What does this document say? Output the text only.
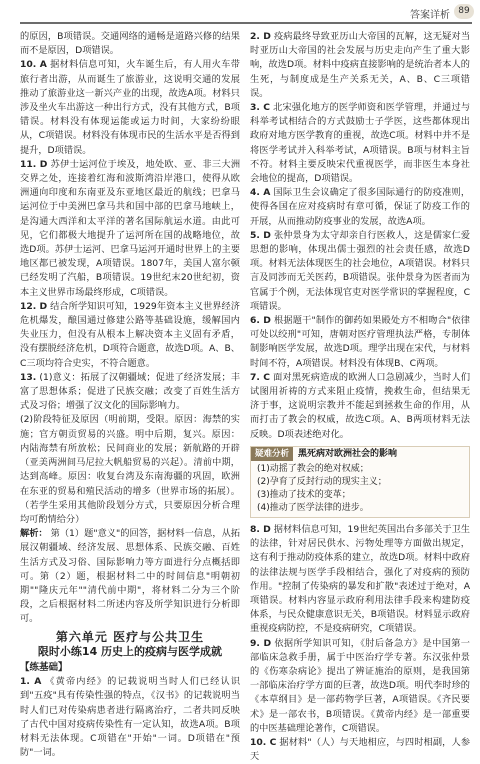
答案详析 89

的原因，B项错误。交通网络的通畅是道路兴修的结果而不是原因，D项错误。

10. A 据材料信息可知，火车诞生后，有人用火车带旅行者出游，从而诞生了旅游业，这说明交通的发展推动了旅游业这一新兴产业的出现，故选A项。材料只涉及坐火车出游这一种出行方式，没有其他方式，B项错误。材料没有体现运能或运力时间，大家纷纷眼从，C项错误。材料没有体现市民的生活水平是否得到提升，D项错误。

11. D 苏伊士运河位于埃及，地处欧、亚、非三大洲交界之处，连接着红海和波斯湾沿岸港口，使得从欧洲通向印度和东南亚及东亚地区最近的航线；巴拿马运河位于中美洲巴拿马共和国中部的巴拿马地峡上，是沟通大西洋和太平洋的著名国际航运水道。由此可见，它们都极大地提升了运河所在国的战略地位，故选D项。苏伊士运河、巴拿马运河开通时世界上的主要地区都已被发现，A项错误。1807年，美国人富尔顿已经发明了汽船，B项错误。19世纪末20世纪初，资本主义世界市场最终形成，C项错误。

12. D 结合所学知识可知，1929年资本主义世界经济危机爆发，酿国通过修建公路等基础设施，缓解国内失业压力，但没有从根本上解决资本主义固有矛盾，没有摆脱经济危机，D项符合题意，故选D项。A、B、C三项均符合史实，不符合题意。

13. (1)意义：拓展了汉朝疆域；促进了经济发展；丰富了思想体系；促进了民族交融；改变了百姓生活方式及习俗；增强了汉文化的国际影响力。

(2)阶段特征及原因（明前期，受限。原因：海禁的实施；官方朝贡贸易的兴盛。明中后期，复兴。原因：内陆海禁有所放松；民间商业的发展；新航路的开辟（亚美两洲间马尼拉大帆船贸易的兴起）。清前中期，达到高峰。原因：收复台湾及东南海疆的巩固，欧洲在东亚的贸易和殖民活动的增多（世界市场的拓展）。（若学生采用其他阶段划分方式，只要原因分析合理均可酌情给分）

解析： 第（1）题"意义"的回答，据材料一信息，从拓展汉朝疆域、经济发展、思想体系、民族交融、百姓生活方式及习俗、国际影响力等方面进行分点概括即可。第（2）题，根据材料二中的时间信息"明朝初期""隆庆元年""清代前中期"，将材料二分为三个阶段，之后根据材料二所述内容及所学知识进行分析即可。

第六单元 医疗与公共卫生
限时小练14 历史上的疫病与医学成就

【练基础】

1. A 《黄帝内经》的记载说明当时人们已经认识到"五疫"具有传染性强的特点，《汉书》的记载说明当时人们已对传染病患者进行隔离治疗，二者共同反映了古代中国对疫病传染性有一定认知，故选A项。B项材料无法体现。C项错在"开始"一词。D项错在"预防"一词。

2. D 疫病最终导致亚历山大帝国的瓦解，这无疑对当时亚历山大帝国的社会发展与历史走向产生了重大影响，故选D项。材料中疫病直接影响的是统治者本人的生死，与制度成是生产关系无关，A、B、C三项错误。

3. C 北宋强化地方的医学师资和医学管理，并通过与科举考试相结合的方式鼓励士子学医，这些都体现出政府对地方医学教育的重视，故选C项。材料中并不是将医学考试并入科举考试，A项错误。B项与材料主旨不符。材料主要反映宋代重视医学，而非医生本身社会地位的提高，D项错误。

4. A 国际卫生会议确定了很多国际通行的防疫准则，使得各国在应对疫病时有章可循，保证了防疫工作的开展，从而推动防疫事业的发展，故选A项。

5. D 张仲景身为太守却亲自行医救人，这是儒家仁爱思想的影响，体现出儒士强烈的社会责任感，故选D项。材料无法体现医生的社会地位，A项错误。材料只言及同涉而无关医药，B项错误。张仲景身为医者而为官属于个例，无法体现官吏对医学常识的掌握程度，C项错误。

6. D 根据题干"制作的御药如果殿处方不相吻合"依律可处以绞刑"可知，唐朝对医疗管理执法严格，专制体制影响医学发展，故选D项。理学出现在宋代，与材料时间不符，A项错误。材料没有体现B、C两项。

7. C 面对黑死病造成的欧洲人口急剧减少，当时人们试图用祈祷的方式来阻止疫情，挽救生命，但结果无济于事，这说明宗教并不能起到拯救生命的作用，从而打击了教会的权威，故选C项。A、B两项材料无法反映。D项表述绝对化。

疑难分析	黑死病对欧洲社会的影响
(1)动摇了教会的绝对权威；
(2)孕育了反封行动的现实主义；
(3)推动了技术的变革；
(4)推动了医学法律的进步。

8. D 据材料信息可知，19世纪英国出台多部关于卫生的法律，针对居民供水、污物处理等方面做出规定，这有利于推动防疫体系的建立，故选D项。材料中政府的法律法规与医学手段相结合，强化了对疫病的预防作用。"控制了传染病的暴发和扩散"表述过于绝对，A项错误。材料内容显示政府利用法律手段来构建防疫体系，与民众健康意识无关，B项错误。材料显示政府重视疫病防控，不是疫病研究，C项错误。

9. D 依据所学知识可知，《肘后备急方》是中国第一部临床急救手册，属于中医治疗学专著。东汉张仲景的《伤寒杂病论》提出了辨证施治的原则，是我国第一部临床治疗学方面的巨著，故选D项。明代李时珍的《本草纲目》是一部药物学巨著，A项错误。《齐民要术》是一部农书，B项错误。《黄帝内经》是一部重要的中医基础理论著作，C项错误。

10. C 据材料"（人）与天地相应，与四时相副，人参天
